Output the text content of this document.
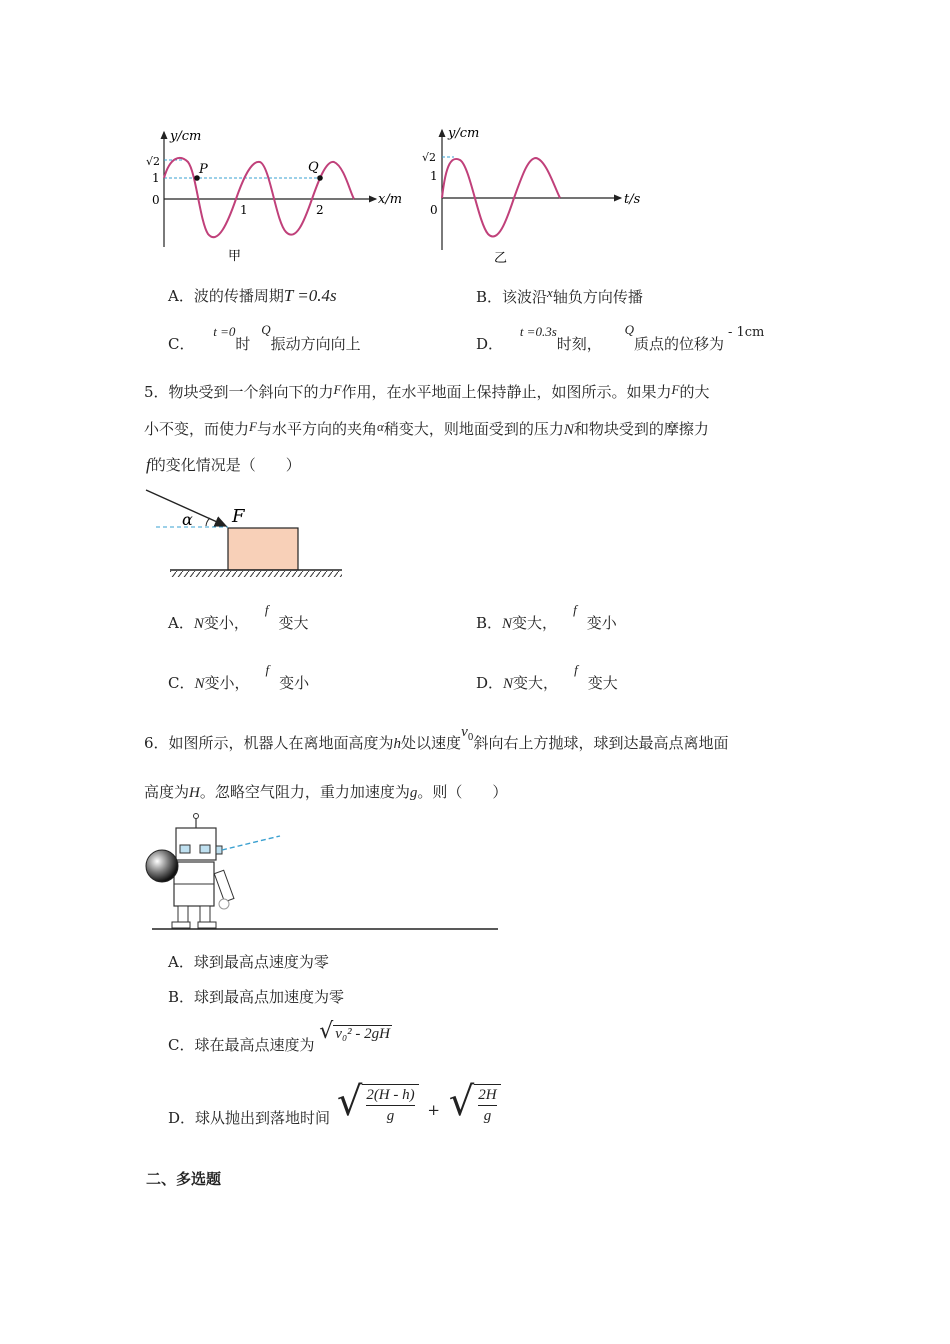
y/cm
x/m
√2
1
0
1	2
P	Q
甲
y/cm
t/s
√2
1
0
乙
A．波的传播周期T =0.4s	B．该波沿x轴负方向传播
C． t =0时 Q振动方向向上	D． t =0.3s时刻， Q质点的位移为- 1cm
5．物块受到一个斜向下的力F作用，在水平地面上保持静止，如图所示。如果力F的大
小不变，而使力F与水平方向的夹角α稍变大，则地面受到的压力N和物块受到的摩擦力
f的变化情况是（　　）
α F
A．N变小，f变大	B．N变大，f变小
C．N变小，f变小	D．N变大，f变大
6．如图所示，机器人在离地面高度为h处以速度$v_0$斜向右上方抛球，球到达最高点离地面
高度为H。忽略空气阻力，重力加速度为g。则（　　）
A．球到最高点速度为零
B．球到最高点加速度为零
C．球在最高点速度为 √ v₀² - 2gH
D．球从抛出到落地时间 √ $\frac{2(H - h)}{g}$ + √ $\frac{2H}{g}$
二、多选题
